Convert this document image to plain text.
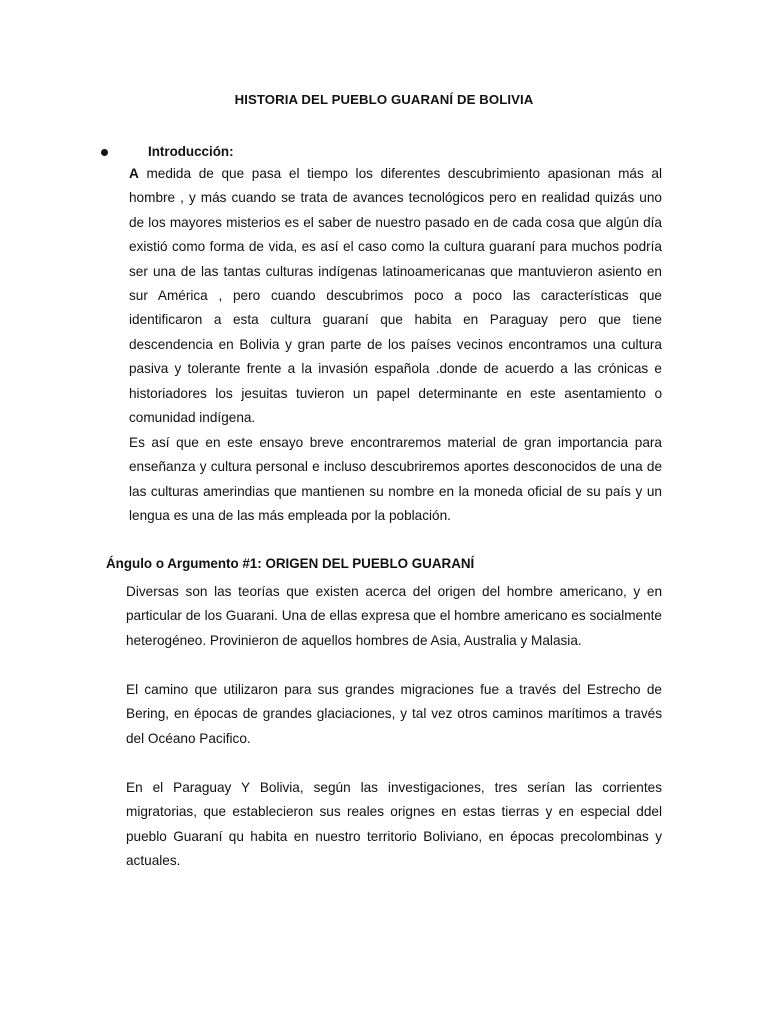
HISTORIA DEL PUEBLO GUARANÍ DE BOLIVIA
Introducción:

A medida de que pasa el tiempo los diferentes descubrimiento apasionan más al hombre , y más cuando se trata de avances tecnológicos pero en realidad quizás uno de los mayores misterios es el saber de nuestro pasado en de cada cosa que algún día existió como forma de vida, es así el caso como la cultura guaraní para muchos podría ser una de las tantas culturas indígenas latinoamericanas que mantuvieron asiento en sur América , pero cuando descubrimos poco a poco las características que identificaron a esta cultura guaraní que habita en Paraguay pero que tiene descendencia en Bolivia y gran parte de los países vecinos encontramos una cultura pasiva y tolerante frente a la invasión española .donde de acuerdo a las crónicas e historiadores los jesuitas tuvieron un papel determinante en este asentamiento o comunidad indígena.

Es así que en este ensayo breve encontraremos material de gran importancia para enseñanza y cultura personal e incluso descubriremos aportes desconocidos de una de las culturas amerindias que mantienen su nombre en la moneda oficial de su país y un lengua es una de las más empleada por la población.

Ángulo o Argumento #1: ORIGEN DEL PUEBLO GUARANÍ

Diversas son las teorías que existen acerca del origen del hombre americano, y en particular de los Guarani. Una de ellas expresa que el hombre americano es socialmente heterogéneo. Provinieron de aquellos hombres de Asia, Australia y Malasia.

El camino que utilizaron para sus grandes migraciones fue a través del Estrecho de Bering, en épocas de grandes glaciaciones, y tal vez otros caminos marítimos a través del Océano Pacifico.

En el Paraguay Y Bolivia, según las investigaciones, tres serían las corrientes migratorias, que establecieron sus reales orignes en estas tierras y en especial ddel pueblo Guaraní qu habita en nuestro territorio Boliviano, en épocas precolombinas y actuales.
